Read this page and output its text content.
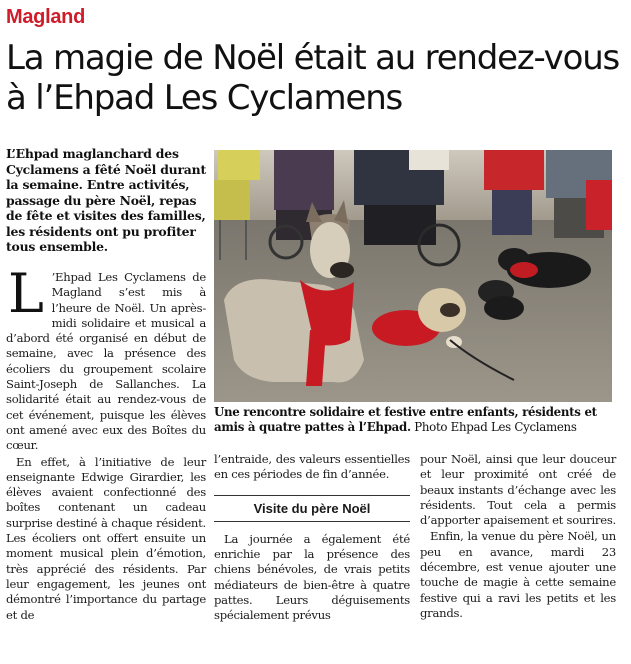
Magland
La magie de Noël était au rendez-vous à l’Ehpad Les Cyclamens
L’Ehpad maglanchard des Cyclamens a fêté Noël durant la semaine. Entre activités, passage du père Noël, repas de fête et visites des familles, les résidents ont pu profiter tous ensemble.

L ’Ehpad Les Cyclamens de Magland s’est mis à l’heure de Noël. Un après-midi solidaire et musical a d’abord été organisé en début de semaine, avec la présence des écoliers du groupement scolaire Saint-Joseph de Sallanches. La solidarité était au rendez-vous de cet événement, puisque les élèves ont amené avec eux des Boîtes du cœur.

En effet, à l’initiative de leur enseignante Edwige Girardier, les élèves avaient confectionné des boîtes contenant un cadeau surprise destiné à chaque résident. Les écoliers ont offert ensuite un moment musical plein d’émotion, très apprécié des résidents. Par leur engagement, les jeunes ont démontré l’importance du partage et de

Une rencontre solidaire et festive entre enfants, résidents et amis à quatre pattes à l’Ehpad. Photo Ehpad Les Cyclamens

l’entraide, des valeurs essentielles en ces périodes de fin d’année.

Visite du père Noël

La journée a également été enrichie par la présence des chiens bénévoles, de vrais petits médiateurs de bien-être à quatre pattes. Leurs déguisements spécialement prévus

pour Noël, ainsi que leur douceur et leur proximité ont créé de beaux instants d’échange avec les résidents. Tout cela a permis d’apporter apaisement et sourires.

Enfin, la venue du père Noël, un peu en avance, mardi 23 décembre, est venue ajouter une touche de magie à cette semaine festive qui a ravi les petits et les grands.
